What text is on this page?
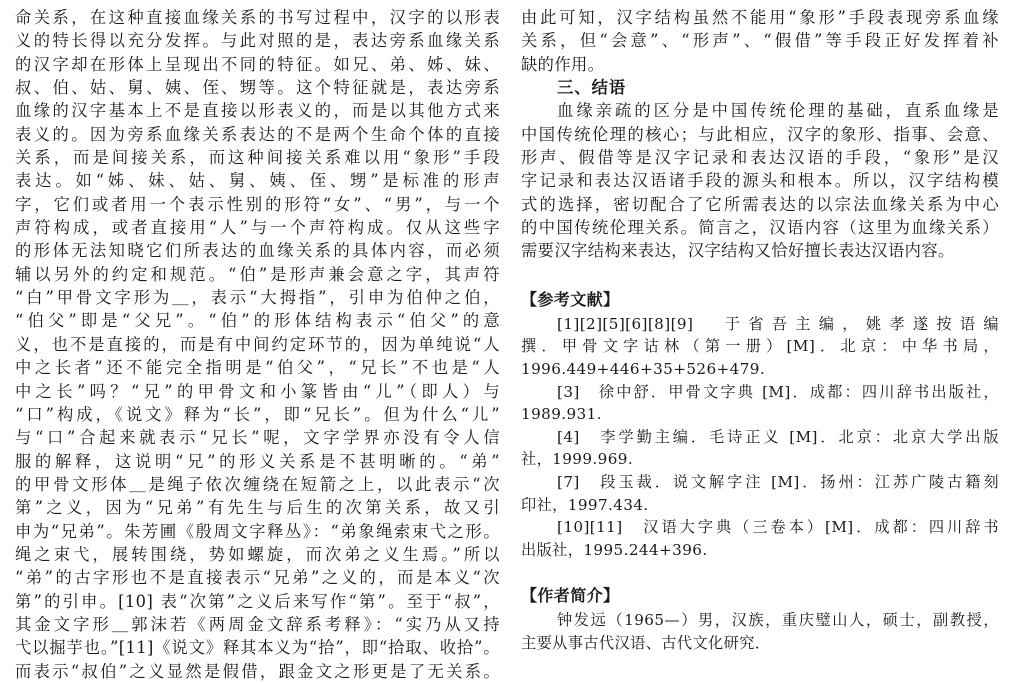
命关系，在这种直接血缘关系的书写过程中，汉字的以形表
义的特长得以充分发挥。与此对照的是，表达旁系血缘关系
的汉字却在形体上呈现出不同的特征。如兄、弟、姊、妹、
叔、伯、姑、舅、姨、侄、甥等。这个特征就是，表达旁系
血缘的汉字基本上不是直接以形表义的，而是以其他方式来
表义的。因为旁系血缘关系表达的不是两个生命个体的直接
关系，而是间接关系，而这种间接关系难以用“象形”手段
表达。如“姊、妹、姑、舅、姨、侄、甥”是标准的形声
字，它们或者用一个表示性别的形符“女”、“男”，与一个
声符构成，或者直接用“人”与一个声符构成。仅从这些字
的形体无法知晓它们所表达的血缘关系的具体内容，而必须
辅以另外的约定和规范。“伯”是形声兼会意之字，其声符
“白”甲骨文字形为＿，表示“大拇指”，引申为伯仲之伯，
“伯父”即是“父兄”。“伯”的形体结构表示“伯父”的意
义，也不是直接的，而是有中间约定环节的，因为单纯说“人
中之长者”还不能完全指明是“伯父”，“兄长”不也是“人
中之长”吗？“兄”的甲骨文和小篆皆由“儿”（即人）与
“口”构成，《说文》释为“长”，即“兄长”。但为什么“儿”
与“口”合起来就表示“兄长”呢，文字学界亦没有令人信
服的解释，这说明“兄”的形义关系是不甚明晰的。“弟”
的甲骨文形体＿是绳子依次缠绕在短箭之上，以此表示“次
第”之义，因为“兄弟”有先生与后生的次第关系，故又引
申为“兄弟”。朱芳圃《殷周文字释丛》：“弟象绳索束弋之形。
绳之束弋，展转围绕，势如螺旋，而次弟之义生焉。”所以
“弟”的古字形也不是直接表示“兄弟”之义的，而是本义“次
第”的引申。[10] 表“次第”之义后来写作“第”。至于“叔”，
其金文字形＿郭沫若《两周金文辞系考释》：“实乃从又持
弋以掘芋也。”[11]《说文》释其本义为“拾”，即“拾取、收拾”。
而表示“叔伯”之义显然是假借，跟金文之形更是了无关系。
由此可知，汉字结构虽然不能用“象形”手段表现旁系血缘
关系，但“会意”、“形声”、“假借”等手段正好发挥着补
缺的作用。
三、结语
血缘亲疏的区分是中国传统伦理的基础，直系血缘是
中国传统伦理的核心；与此相应，汉字的象形、指事、会意、
形声、假借等是汉字记录和表达汉语的手段，“象形”是汉
字记录和表达汉语诸手段的源头和根本。所以，汉字结构模
式的选择，密切配合了它所需表达的以宗法血缘关系为中心
的中国传统伦理关系。简言之，汉语内容（这里为血缘关系）
需要汉字结构来表达，汉字结构又恰好擅长表达汉语内容。
【参考文献】
[1][2][5][6][8][9]　于省吾主编，姚孝遂按语编
撰．甲骨文字诂林（第一册）[M]．北京：中华书局，
1996.449+446+35+526+479.
[3]　徐中舒．甲骨文字典 [M]．成都：四川辞书出版社，
1989.931.
[4]　李学勤主编．毛诗正义 [M]．北京：北京大学出版
社，1999.969.
[7]　段玉裁．说文解字注 [M]．扬州：江苏广陵古籍刻
印社，1997.434.
[10][11]　汉语大字典（三卷本）[M]．成都：四川辞书
出版社，1995.244+396.
【作者简介】
钟发远（1965—）男，汉族，重庆璧山人，硕士，副教授，
主要从事古代汉语、古代文化研究．
